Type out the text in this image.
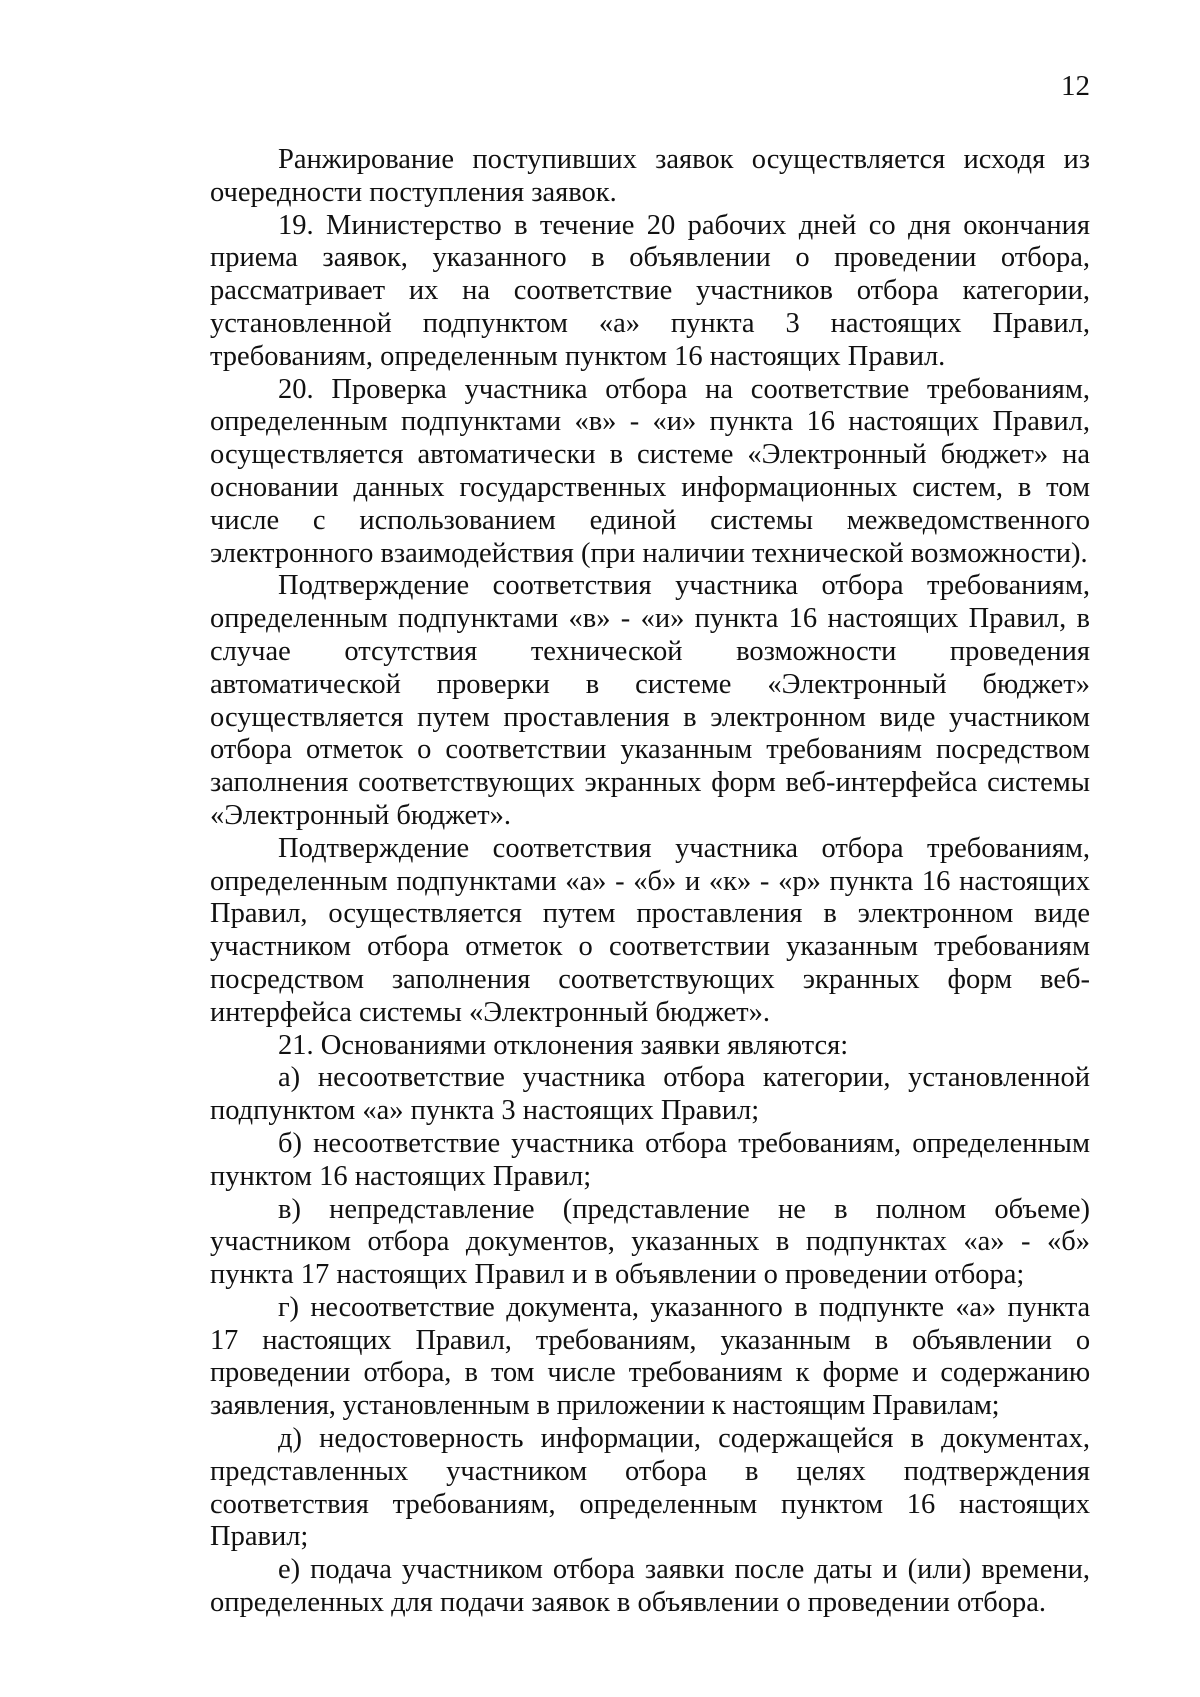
12

Ранжирование поступивших заявок осуществляется исходя из очередности поступления заявок.

19. Министерство в течение 20 рабочих дней со дня окончания приема заявок, указанного в объявлении о проведении отбора, рассматривает их на соответствие участников отбора категории, установленной подпунктом «а» пункта 3 настоящих Правил, требованиям, определенным пунктом 16 настоящих Правил.

20. Проверка участника отбора на соответствие требованиям, определенным подпунктами «в» - «и» пункта 16 настоящих Правил, осуществляется автоматически в системе «Электронный бюджет» на основании данных государственных информационных систем, в том числе с использованием единой системы межведомственного электронного взаимодействия (при наличии технической возможности).

Подтверждение соответствия участника отбора требованиям, определенным подпунктами «в» - «и» пункта 16 настоящих Правил, в случае отсутствия технической возможности проведения автоматической проверки в системе «Электронный бюджет» осуществляется путем проставления в электронном виде участником отбора отметок о соответствии указанным требованиям посредством заполнения соответствующих экранных форм веб-интерфейса системы «Электронный бюджет».

Подтверждение соответствия участника отбора требованиям, определенным подпунктами «а» - «б» и «к» - «р» пункта 16 настоящих Правил, осуществляется путем проставления в электронном виде участником отбора отметок о соответствии указанным требованиям посредством заполнения соответствующих экранных форм веб-интерфейса системы «Электронный бюджет».

21. Основаниями отклонения заявки являются:

а) несоответствие участника отбора категории, установленной подпунктом «а» пункта 3 настоящих Правил;

б) несоответствие участника отбора требованиям, определенным пунктом 16 настоящих Правил;

в) непредставление (представление не в полном объеме) участником отбора документов, указанных в подпунктах «а» - «б» пункта 17 настоящих Правил и в объявлении о проведении отбора;

г) несоответствие документа, указанного в подпункте «а» пункта 17 настоящих Правил, требованиям, указанным в объявлении о проведении отбора, в том числе требованиям к форме и содержанию заявления, установленным в приложении к настоящим Правилам;

д) недостоверность информации, содержащейся в документах, представленных участником отбора в целях подтверждения соответствия требованиям, определенным пунктом 16 настоящих Правил;

е) подача участником отбора заявки после даты и (или) времени, определенных для подачи заявок в объявлении о проведении отбора.
